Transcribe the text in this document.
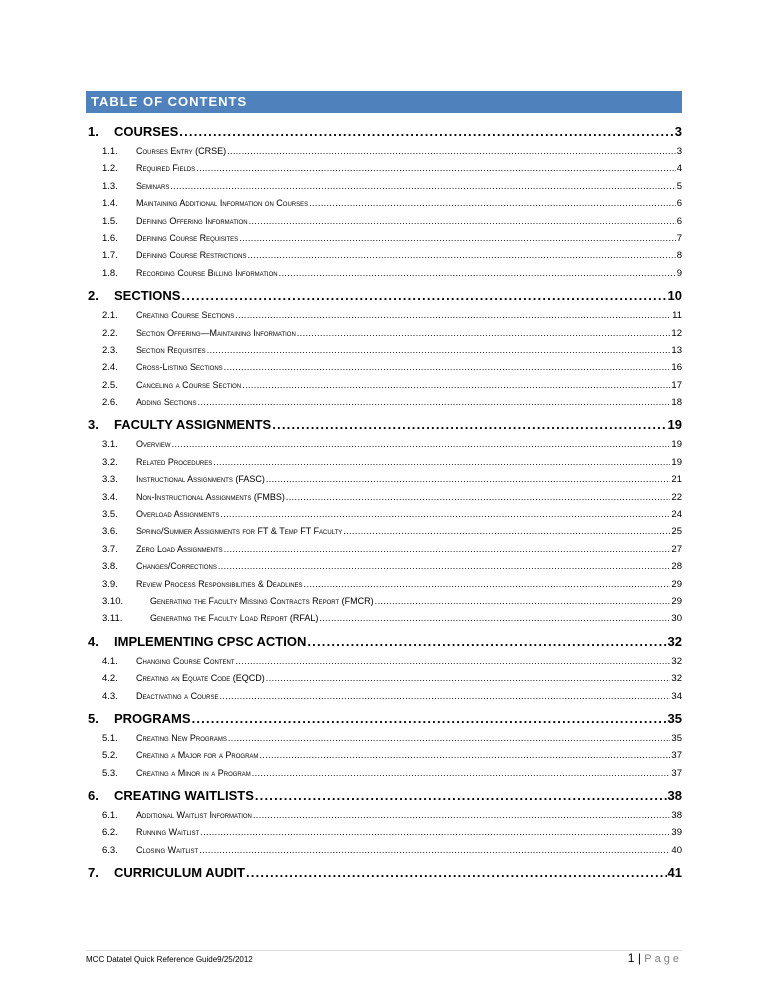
TABLE OF CONTENTS
1.	COURSES .....	3
1.1.	Courses Entry (CRSE) .....	3
1.2.	Required Fields .....	4
1.3.	Seminars .....	5
1.4.	Maintaining Additional Information on Courses .....	6
1.5.	Defining Offering Information .....	6
1.6.	Defining Course Requisites .....	7
1.7.	Defining Course Restrictions .....	8
1.8.	Recording Course Billing Information .....	9
2.	SECTIONS .....	10
2.1.	Creating Course Sections .....	11
2.2.	Section Offering—Maintaining Information .....	12
2.3.	Section Requisites .....	13
2.4.	Cross-Listing Sections .....	16
2.5.	Canceling a Course Section .....	17
2.6.	Adding Sections .....	18
3.	FACULTY ASSIGNMENTS .....	19
3.1.	Overview .....	19
3.2.	Related Procedures .....	19
3.3.	Instructional Assignments (FASC) .....	21
3.4.	Non-Instructional Assignments (FMBS) .....	22
3.5.	Overload Assignments .....	24
3.6.	Spring/Summer Assignments for FT & Temp FT Faculty .....	25
3.7.	Zero Load Assignments .....	27
3.8.	Changes/Corrections .....	28
3.9.	Review Process Responsibilities & Deadlines .....	29
3.10.	Generating the Faculty Missing Contracts Report (FMCR) .....	29
3.11.	Generating the Faculty Load Report (RFAL) .....	30
4.	IMPLEMENTING CPSC ACTION .....	32
4.1.	Changing Course Content .....	32
4.2.	Creating an Equate Code (EQCD) .....	32
4.3.	Deactivating a Course .....	34
5.	PROGRAMS .....	35
5.1.	Creating New Programs .....	35
5.2.	Creating a Major for a Program .....	37
5.3.	Creating a Minor in a Program .....	37
6.	CREATING WAITLISTS .....	38
6.1.	Additional Waitlist Information .....	38
6.2.	Running Waitlist .....	39
6.3.	Closing Waitlist .....	40
7.	CURRICULUM AUDIT .....	41
MCC Datatel Quick Reference Guide9/25/2012	1 | Page
